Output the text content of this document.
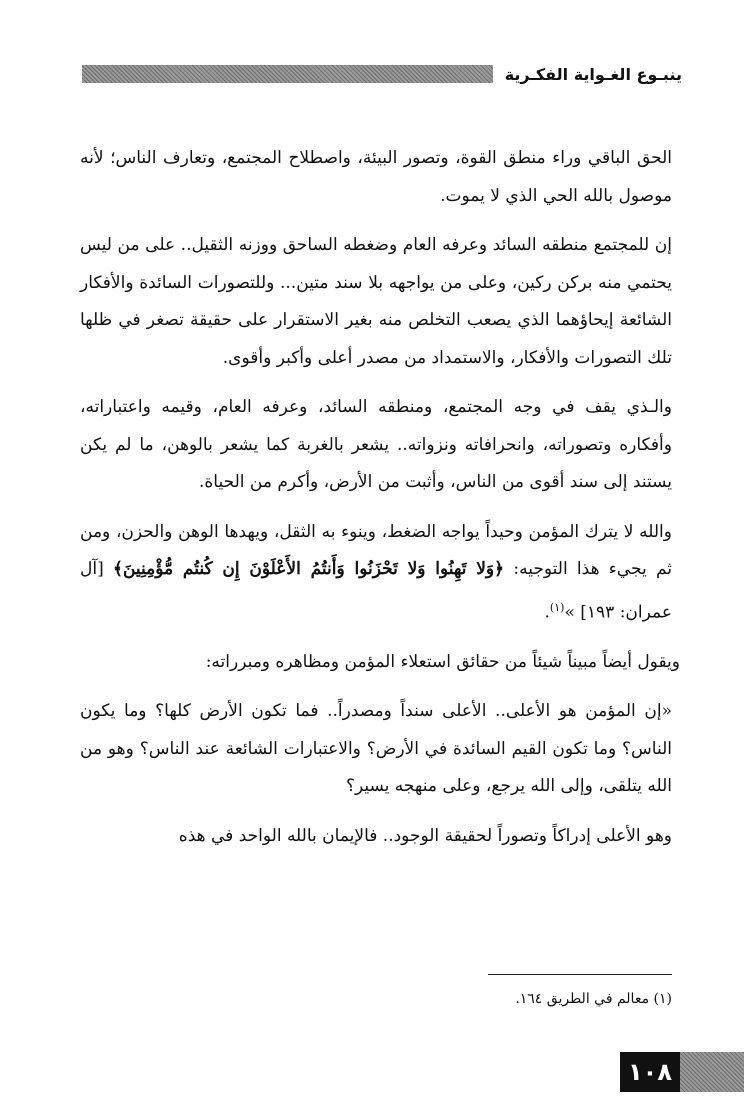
ينبـوع الغـواية الفكـرية

الحق الباقي وراء منطق القوة، وتصور البيئة، واصطلاح المجتمع، وتعارف الناس؛ لأنه موصول بالله الحي الذي لا يموت.

إن للمجتمع منطقه السائد وعرفه العام وضغطه الساحق ووزنه الثقيل.. على من ليس يحتمي منه بركن ركين، وعلى من يواجهه بلا سند متين... وللتصورات السائدة والأفكار الشائعة إيحاؤهما الذي يصعب التخلص منه بغير الاستقرار على حقيقة تصغر في ظلها تلك التصورات والأفكار، والاستمداد من مصدر أعلى وأكبر وأقوى.

والـذي يقف في وجه المجتمع، ومنطقه السائد، وعرفه العام، وقيمه واعتباراته، وأفكاره وتصوراته، وانحرافاته ونزواته.. يشعر بالغربة كما يشعر بالوهن، ما لم يكن يستند إلى سند أقوى من الناس، وأثبت من الأرض، وأكرم من الحياة.

والله لا يترك المؤمن وحيداً يواجه الضغط، وينوء به الثقل، ويهدها الوهن والحزن، ومن ثم يجيء هذا التوجيه: ﴿وَلا تَهِنُوا وَلا تَحْزَنُوا وَأَنتُمُ الأَعْلَوْنَ إِن كُنتُم مُّؤْمِنِينَ﴾ [آل عمران: ١٩٣] »$^{(١)}$.

ويقول أيضاً مبيناً شيئاً من حقائق استعلاء المؤمن ومظاهره ومبرراته:

«إن المؤمن هو الأعلى.. الأعلى سنداً ومصدراً.. فما تكون الأرض كلها؟ وما يكون الناس؟ وما تكون القيم السائدة في الأرض؟ والاعتبارات الشائعة عند الناس؟ وهو من الله يتلقى، وإلى الله يرجع، وعلى منهجه يسير؟

وهو الأعلى إدراكاً وتصوراً لحقيقة الوجود.. فالإيمان بالله الواحد في هذه

(١) معالم في الطريق ١٦٤.
١٠٨
